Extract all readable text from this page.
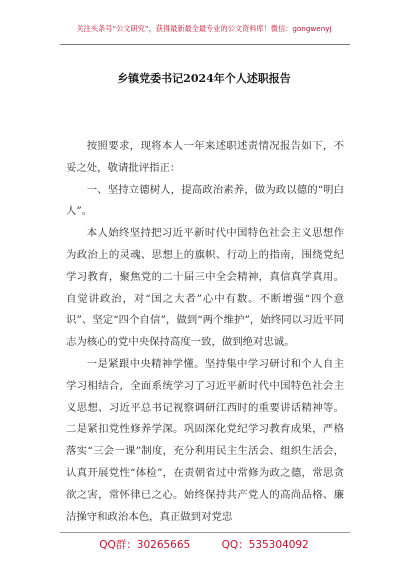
关注头条号“公文研究”，获得最新最全最专业的公文资料库！微信：gongwenyj
乡镇党委书记2024年个人述职报告

按照要求，现将本人一年来述职述责情况报告如下，不妥之处，敬请批评指正：

一、坚持立德树人，提高政治素养，做为政以德的“明白人”。

本人始终坚持把习近平新时代中国特色社会主义思想作为政治上的灵魂、思想上的旗帜、行动上的指南，围绕党纪学习教育，聚焦党的二十届三中全会精神，真信真学真用。自觉讲政治，对“国之大者”心中有数。不断增强“四个意识”、坚定“四个自信”，做到“两个维护”，始终同以习近平同志为核心的党中央保持高度一致，做到绝对忠诚。

一是紧跟中央精神学懂。坚持集中学习研讨和个人自主学习相结合，全面系统学习了习近平新时代中国特色社会主义思想、习近平总书记视察调研江西时的重要讲话精神等。二是紧扣党性修养学深。巩固深化党纪学习教育成果，严格落实“三会一课”制度，充分利用民主生活会、组织生活会，认真开展党性“体检”，在责朝省过中常修为政之德，常思贪欲之害，常怀律已之心。始终保持共产党人的高尚品格、廉洁操守和政治本色，真正做到对党忠

QQ群：30265665	QQ：535304092
